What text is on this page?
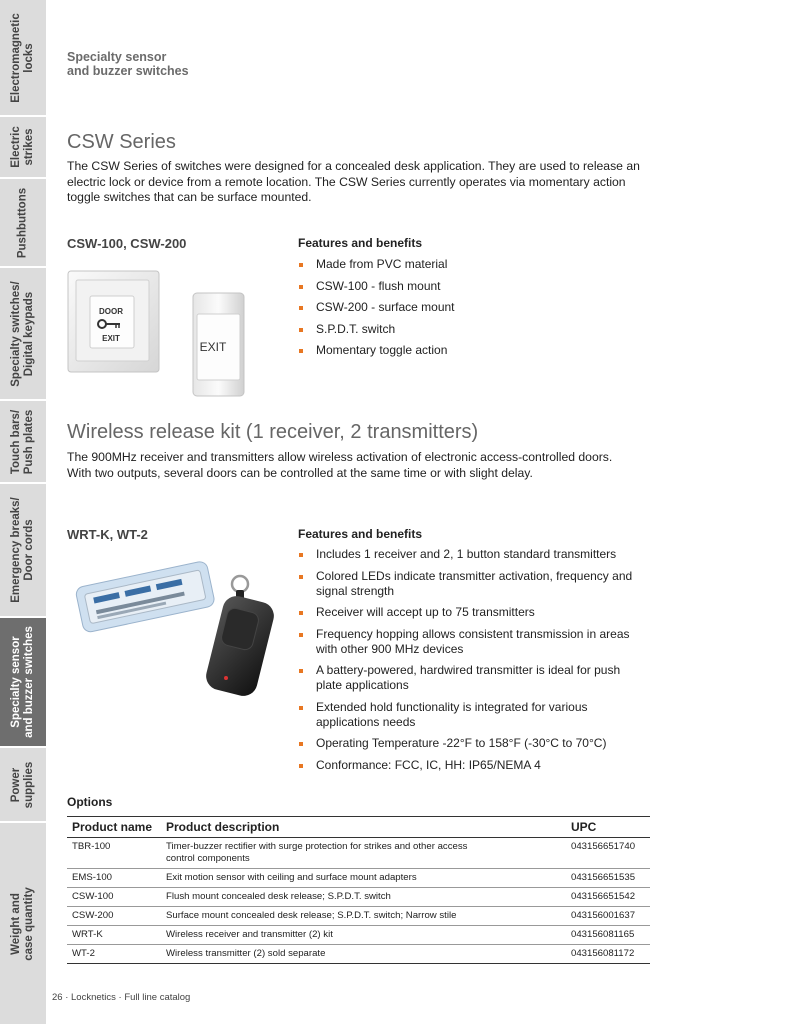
Electromagnetic
locks
Electric
strikes
Pushbuttons
Specialty switches/
Digital keypads
Touch bars/
Push plates
Emergency breaks/
Door cords
Specialty sensor
and buzzer switches
Power
supplies
Weight and
case quantity
Specialty sensor
and buzzer switches
CSW Series

The CSW Series of switches were designed for a concealed desk application. They are used to release an electric lock or device from a remote location. The CSW Series currently operates via momentary action toggle switches that can be surface mounted.

CSW-100, CSW-200	Features and benefits
Made from PVC material
CSW-100 - flush mount
CSW-200 - surface mount
S.P.D.T. switch
Momentary toggle action
DOOR
EXIT
EXIT
Wireless release kit (1 receiver, 2 transmitters)

The 900MHz receiver and transmitters allow wireless activation of electronic access-controlled doors. With two outputs, several doors can be controlled at the same time or with slight delay.

WRT-K, WT-2	Features and benefits
Includes 1 receiver and 2, 1 button standard transmitters
Colored LEDs indicate transmitter activation, frequency and signal strength
Receiver will accept up to 75 transmitters
Frequency hopping allows consistent transmission in areas with other 900 MHz devices
A battery-powered, hardwired transmitter is ideal for push plate applications
Extended hold functionality is integrated for various applications needs
Operating Temperature -22°F to 158°F (-30°C to 70°C)
Conformance: FCC, IC, HH: IP65/NEMA 4
Options
Product name	Product description	UPC
TBR-100	Timer-buzzer rectifier with surge protection for strikes and other access control components	043156651740
EMS-100	Exit motion sensor with ceiling and surface mount adapters	043156651535
CSW-100	Flush mount concealed desk release; S.P.D.T. switch	043156651542
CSW-200	Surface mount concealed desk release; S.P.D.T. switch; Narrow stile	043156001637
WRT-K	Wireless receiver and transmitter (2) kit	043156081165
WT-2	Wireless transmitter (2) sold separate	043156081172
26 · Locknetics · Full line catalog
